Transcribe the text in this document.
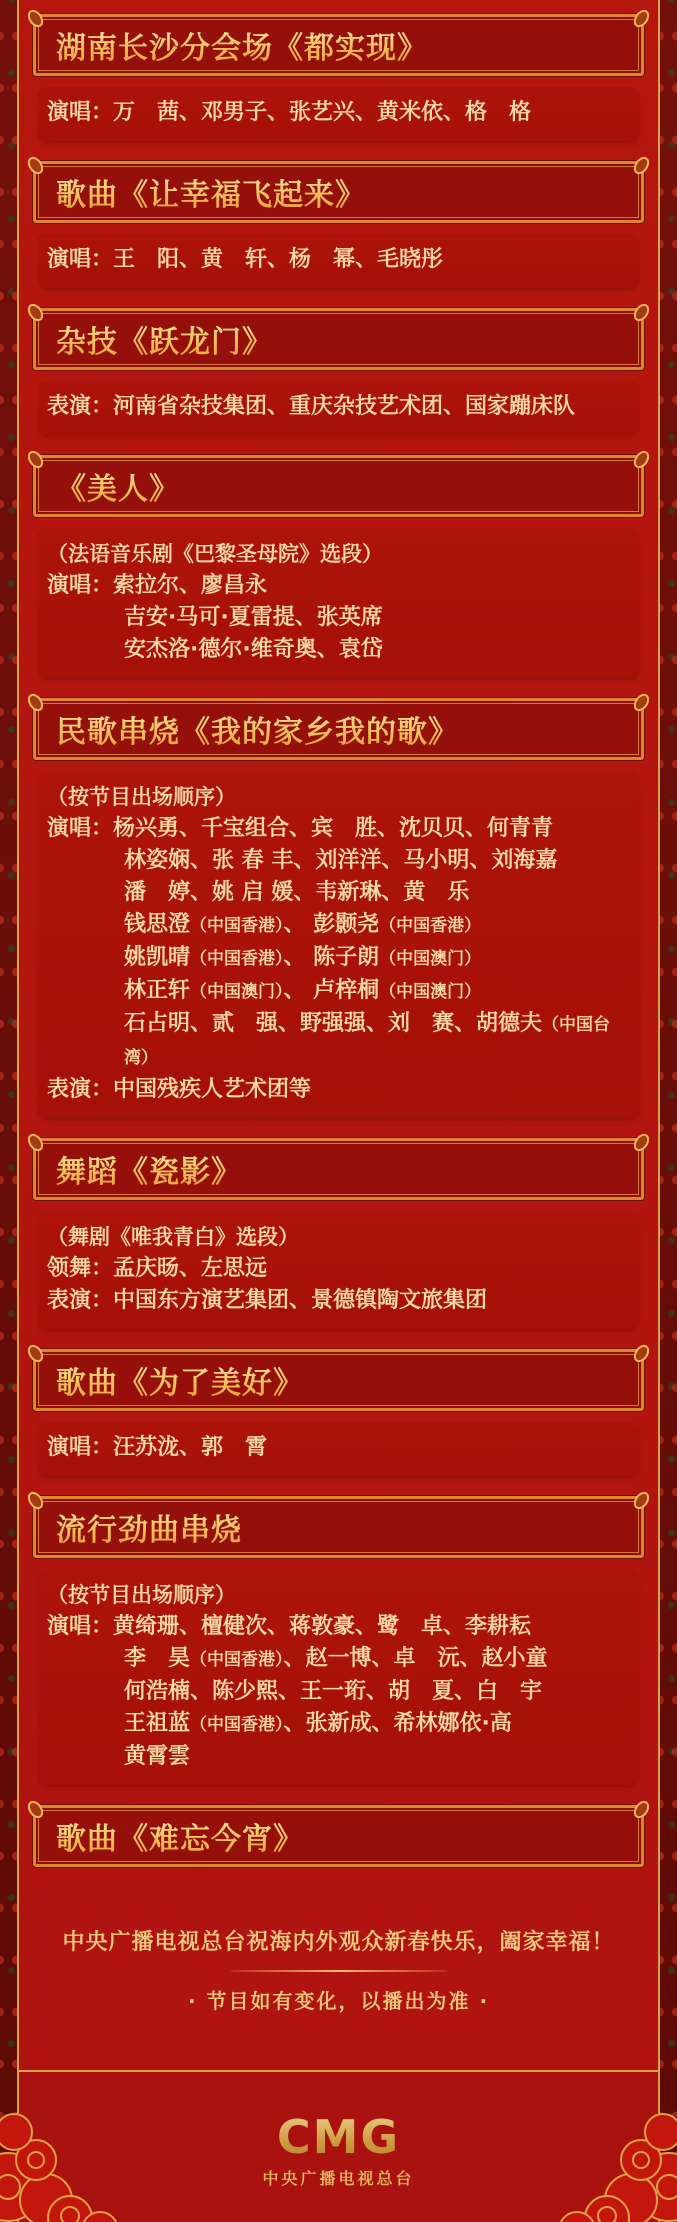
湖南长沙分会场《都实现》
演唱： 万　茜、邓男子、张艺兴、黄米依、格　格
歌曲《让幸福飞起来》
演唱： 王　阳、黄　轩、杨　幂、毛晓彤
杂技《跃龙门》
表演： 河南省杂技集团、重庆杂技艺术团、国家蹦床队
《美人》
（法语音乐剧《巴黎圣母院》选段）
演唱： 索拉尔、廖昌永
吉安·马可·夏雷提、张英席
安杰洛·德尔·维奇奥、袁岱
民歌串烧《我的家乡我的歌》
（按节目出场顺序）
演唱： 杨兴勇、千宝组合、宾　胜、沈贝贝、何青青
林姿娴、张 春 丰、刘洋洋、马小明、刘海嘉
潘　婷、姚 启 媛、韦新琳、黄　乐
钱思澄（中国香港）、 彭颢尧（中国香港）
姚凯晴（中国香港）、 陈子朗（中国澳门）
林正轩（中国澳门）、 卢梓桐（中国澳门）
石占明、贰　强、野强强、刘　赛、胡德夫（中国台湾）
表演： 中国残疾人艺术团等
舞蹈《瓷影》
（舞剧《唯我青白》选段）
领舞： 孟庆旸、左思远
表演： 中国东方演艺集团、景德镇陶文旅集团
歌曲《为了美好》
演唱： 汪苏泷、郭　霄
流行劲曲串烧
（按节目出场顺序）
演唱： 黄绮珊、檀健次、蒋敦豪、鹭　卓、李耕耘
李　昊（中国香港）、赵一博、卓　沅、赵小童
何浩楠、陈少熙、王一珩、胡　夏、白　宇
王祖蓝（中国香港）、张新成、希林娜依·高
黄霄雲
歌曲《难忘今宵》
中央广播电视总台祝海内外观众新春快乐，阖家幸福！
· 节目如有变化，以播出为准 ·
CMG
中央广播电视总台
